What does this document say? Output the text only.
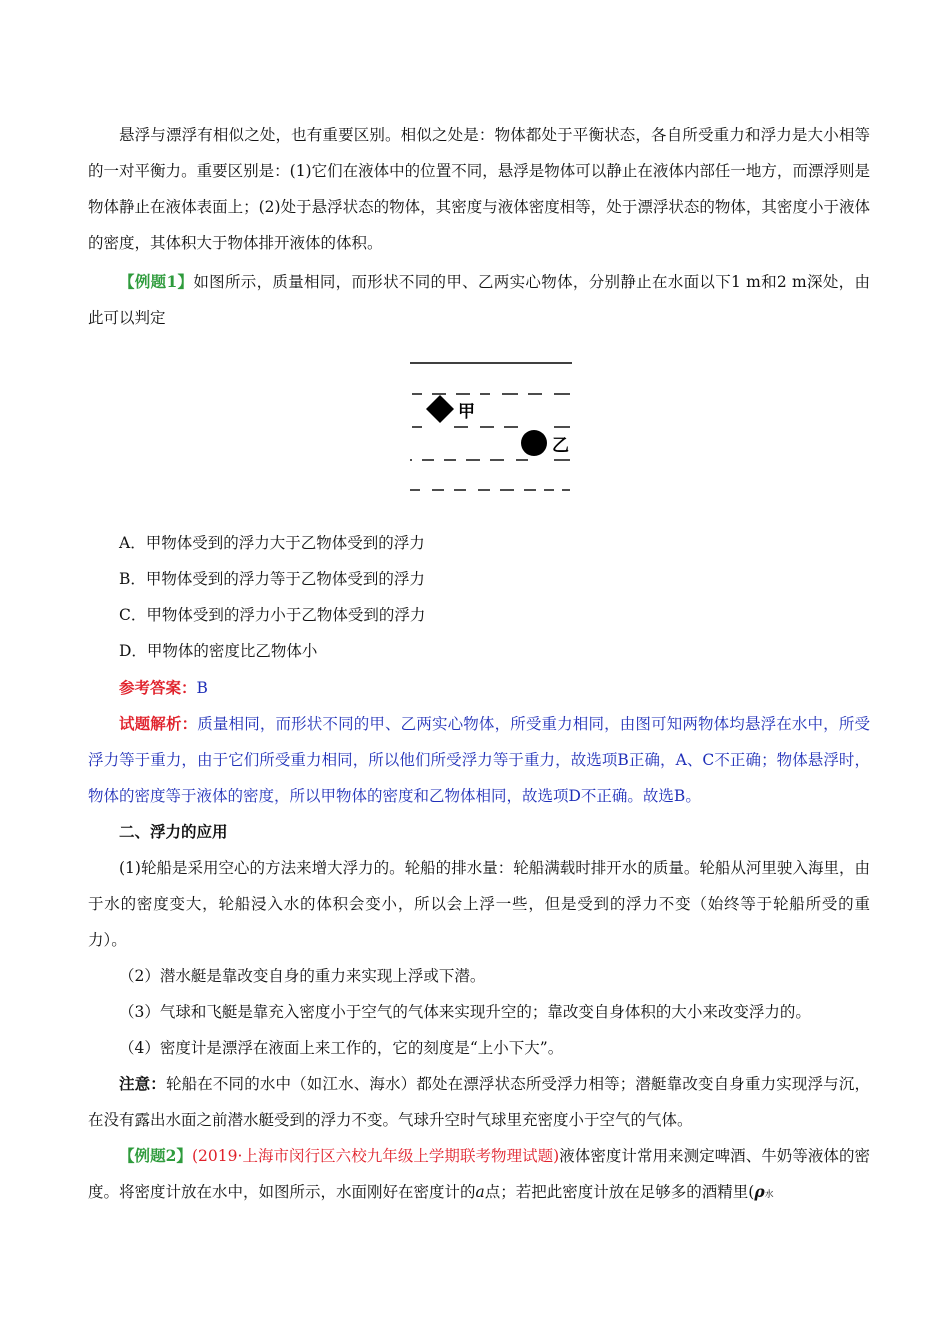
悬浮与漂浮有相似之处，也有重要区别。相似之处是：物体都处于平衡状态，各自所受重力和浮力是大小相等的一对平衡力。重要区别是：(1)它们在液体中的位置不同，悬浮是物体可以静止在液体内部任一地方，而漂浮则是物体静止在液体表面上；(2)处于悬浮状态的物体，其密度与液体密度相等，处于漂浮状态的物体，其密度小于液体的密度，其体积大于物体排开液体的体积。

【例题1】如图所示，质量相同，而形状不同的甲、乙两实心物体，分别静止在水面以下1 m和2 m深处，由此可以判定

甲
乙

A．甲物体受到的浮力大于乙物体受到的浮力

B．甲物体受到的浮力等于乙物体受到的浮力

C．甲物体受到的浮力小于乙物体受到的浮力

D．甲物体的密度比乙物体小

参考答案：B

试题解析：质量相同，而形状不同的甲、乙两实心物体，所受重力相同，由图可知两物体均悬浮在水中，所受浮力等于重力，由于它们所受重力相同，所以他们所受浮力等于重力，故选项B正确，A、C不正确；物体悬浮时，物体的密度等于液体的密度，所以甲物体的密度和乙物体相同，故选项D不正确。故选B。

二、浮力的应用

(1)轮船是采用空心的方法来增大浮力的。轮船的排水量：轮船满载时排开水的质量。轮船从河里驶入海里，由于水的密度变大，轮船浸入水的体积会变小，所以会上浮一些，但是受到的浮力不变（始终等于轮船所受的重力）。

（2）潜水艇是靠改变自身的重力来实现上浮或下潜。

（3）气球和飞艇是靠充入密度小于空气的气体来实现升空的；靠改变自身体积的大小来改变浮力的。

（4）密度计是漂浮在液面上来工作的，它的刻度是“上小下大”。

注意：轮船在不同的水中（如江水、海水）都处在漂浮状态所受浮力相等；潜艇靠改变自身重力实现浮与沉，在没有露出水面之前潜水艇受到的浮力不变。气球升空时气球里充密度小于空气的气体。

【例题2】(2019·上海市闵行区六校九年级上学期联考物理试题)液体密度计常用来测定啤酒、牛奶等液体的密度。将密度计放在水中，如图所示，水面刚好在密度计的a点；若把此密度计放在足够多的酒精里(ρ水
